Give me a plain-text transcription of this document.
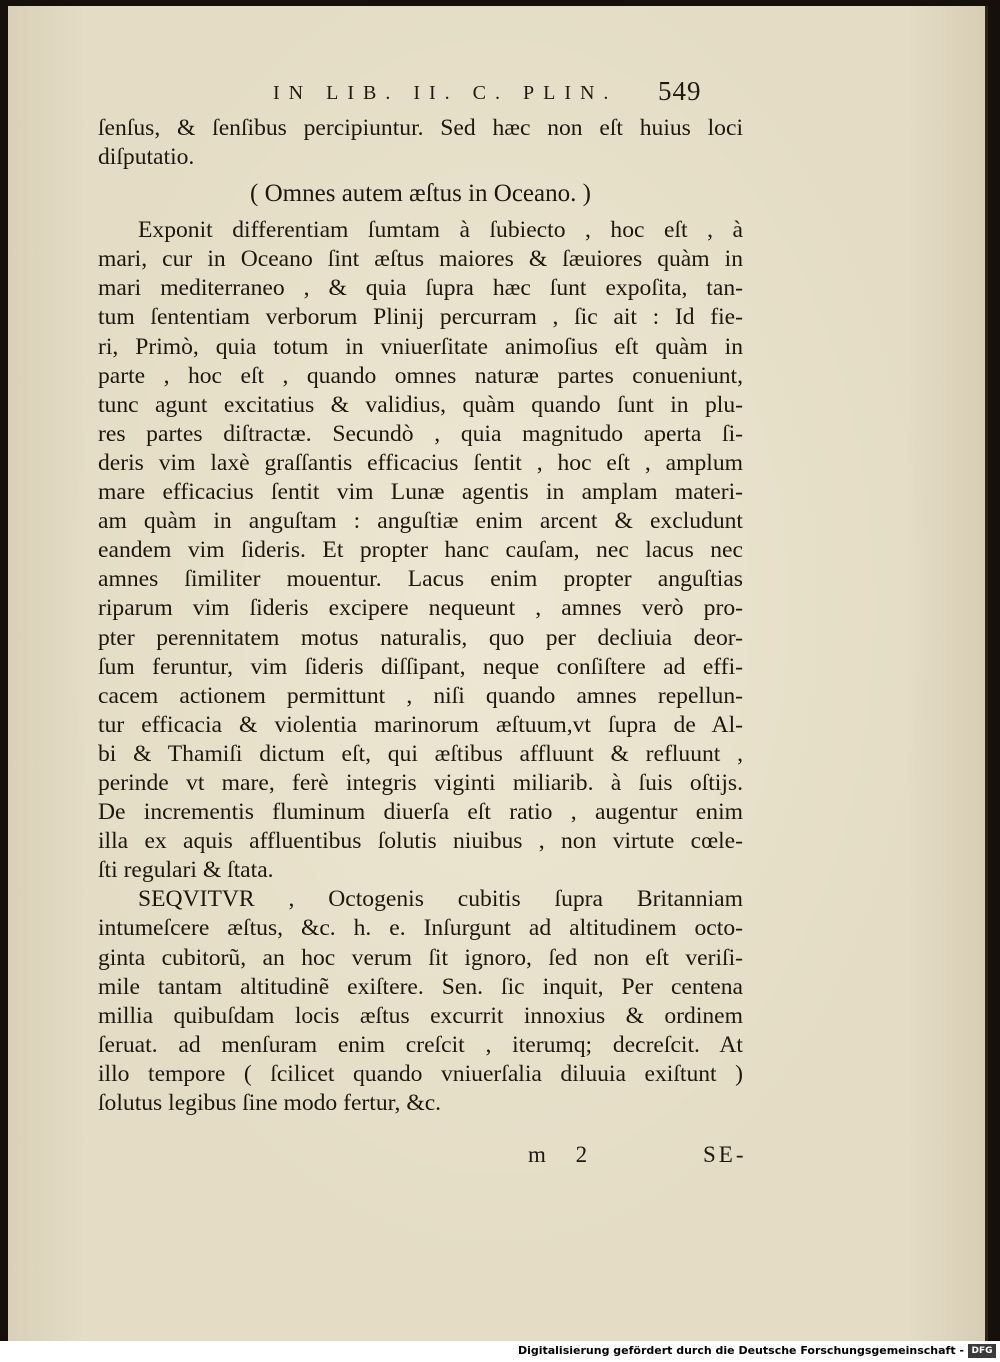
IN LIB. II. C. PLIN. 549
ſenſus, & ſenſibus percipiuntur. Sed hæc non eſt huius loci
diſputatio.
( Omnes autem æſtus in Oceano. )
Exponit differentiam ſumtam à ſubiecto , hoc eſt , à
mari, cur in Oceano ſint æſtus maiores & ſæuiores quàm in
mari mediterraneo , & quia ſupra hæc ſunt expoſita, tan-
tum ſententiam verborum Plinij percurram , ſic ait : Id fie-
ri, Primò, quia totum in vniuerſitate animoſius eſt quàm in
parte , hoc eſt , quando omnes naturæ partes conueniunt,
tunc agunt excitatius & validius, quàm quando ſunt in plu-
res partes diſtractæ. Secundò , quia magnitudo aperta ſi-
deris vim laxè graſſantis efficacius ſentit , hoc eſt , amplum
mare efficacius ſentit vim Lunæ agentis in amplam materi-
am quàm in anguſtam : anguſtiæ enim arcent & excludunt
eandem vim ſideris. Et propter hanc cauſam, nec lacus nec
amnes ſimiliter mouentur. Lacus enim propter anguſtias
riparum vim ſideris excipere nequeunt , amnes verò pro-
pter perennitatem motus naturalis, quo per decliuia deor-
ſum feruntur, vim ſideris diſſipant, neque conſiſtere ad effi-
cacem actionem permittunt , niſi quando amnes repellun-
tur efficacia & violentia marinorum æſtuum,vt ſupra de Al-
bi & Thamiſi dictum eſt, qui æſtibus affluunt & refluunt ,
perinde vt mare, ferè integris viginti miliarib. à ſuis oſtijs.
De incrementis fluminum diuerſa eſt ratio , augentur enim
illa ex aquis affluentibus ſolutis niuibus , non virtute cœle-
ſti regulari & ſtata.
SEQVITVR , Octogenis cubitis ſupra Britanniam
intumeſcere æſtus, &c. h. e. Inſurgunt ad altitudinem octo-
ginta cubitorũ, an hoc verum ſit ignoro, ſed non eſt veriſi-
mile tantam altitudinẽ exiſtere. Sen. ſic inquit, Per centena
millia quibuſdam locis æſtus excurrit innoxius & ordinem
ſeruat. ad menſuram enim creſcit , iterumq; decreſcit. At
illo tempore ( ſcilicet quando vniuerſalia diluuia exiſtunt )
ſolutus legibus ſine modo fertur, &c.
m 2	SE-
Digitalisierung gefördert durch die Deutsche Forschungsgemeinschaft - DFG
